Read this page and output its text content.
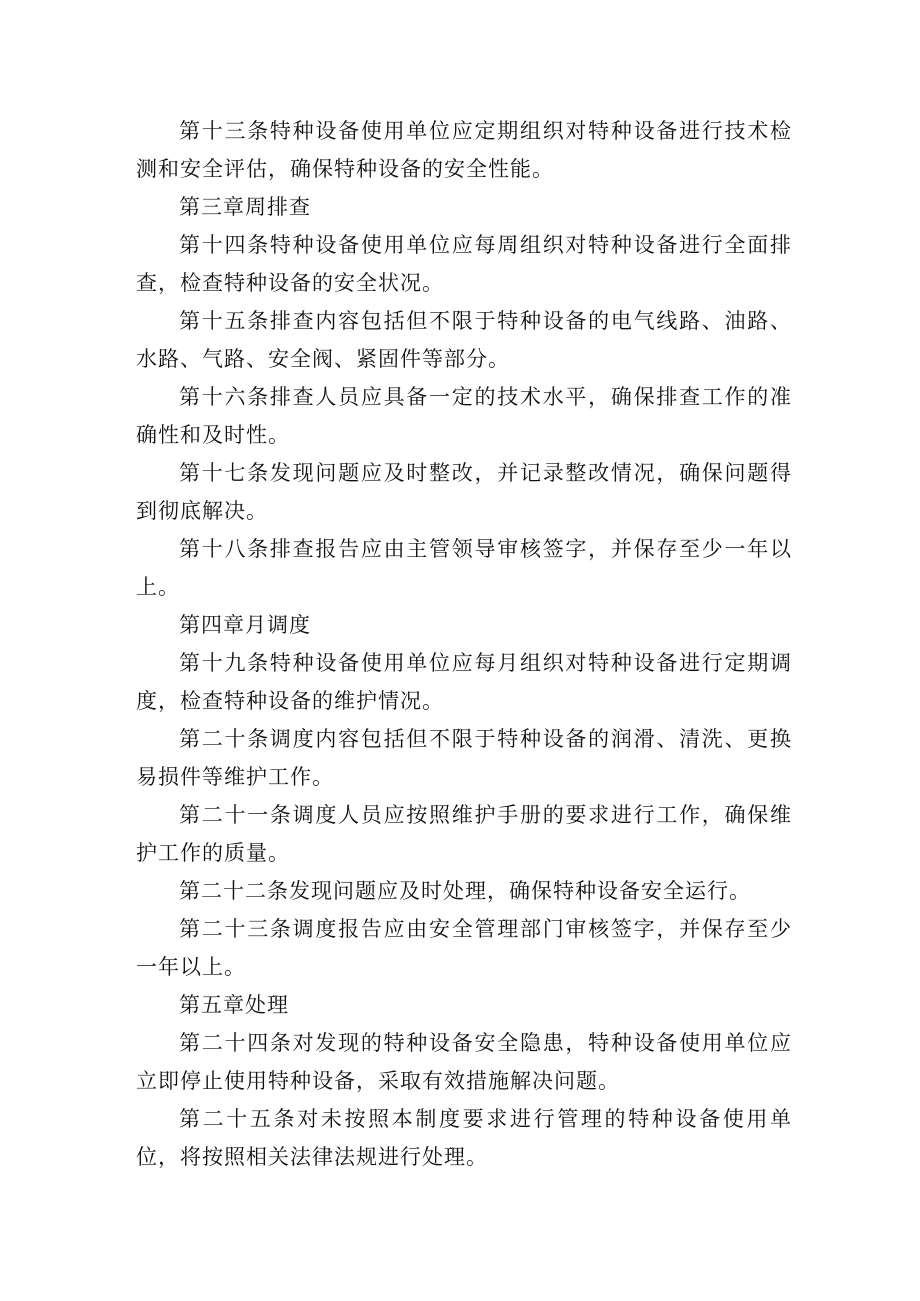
第十三条特种设备使用单位应定期组织对特种设备进行技术检测和安全评估，确保特种设备的安全性能。

第三章周排查

第十四条特种设备使用单位应每周组织对特种设备进行全面排查，检查特种设备的安全状况。

第十五条排查内容包括但不限于特种设备的电气线路、油路、水路、气路、安全阀、紧固件等部分。

第十六条排查人员应具备一定的技术水平，确保排查工作的准确性和及时性。

第十七条发现问题应及时整改，并记录整改情况，确保问题得到彻底解决。

第十八条排查报告应由主管领导审核签字，并保存至少一年以上。

第四章月调度

第十九条特种设备使用单位应每月组织对特种设备进行定期调度，检查特种设备的维护情况。

第二十条调度内容包括但不限于特种设备的润滑、清洗、更换易损件等维护工作。

第二十一条调度人员应按照维护手册的要求进行工作，确保维护工作的质量。

第二十二条发现问题应及时处理，确保特种设备安全运行。

第二十三条调度报告应由安全管理部门审核签字，并保存至少一年以上。

第五章处理

第二十四条对发现的特种设备安全隐患，特种设备使用单位应立即停止使用特种设备，采取有效措施解决问题。

第二十五条对未按照本制度要求进行管理的特种设备使用单位，将按照相关法律法规进行处理。
